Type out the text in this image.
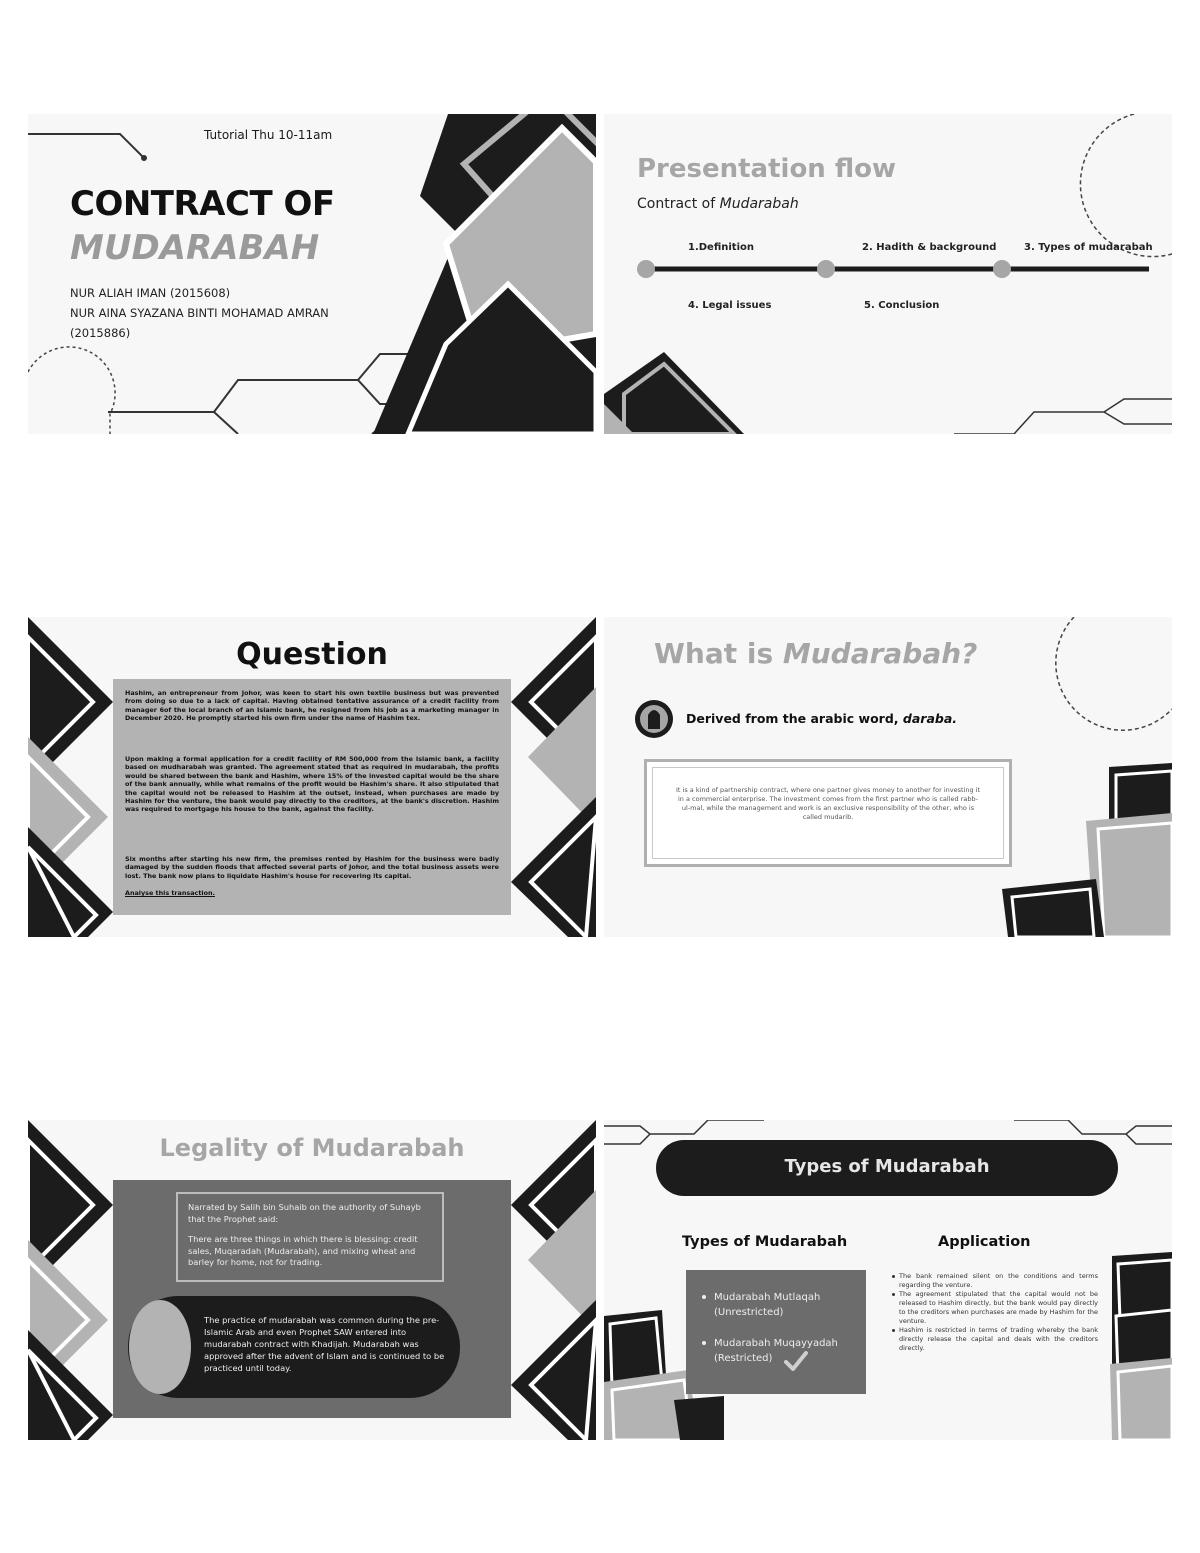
Tutorial Thu 10-11am
CONTRACT OF
MUDARABAH
NUR ALIAH IMAN (2015608)
NUR AINA SYAZANA BINTI MOHAMAD AMRAN
(2015886)
Presentation flow
Contract of Mudarabah
1.Definition	2. Hadith & background	3. Types of mudarabah
4. Legal issues	5. Conclusion
Question
Hashim, an entrepreneur from Johor, was keen to start his own textile business but was prevented from doing so due to a lack of capital. Having obtained tentative assurance of a credit facility from manager 6of the local branch of an Islamic bank, he resigned from his job as a marketing manager in December 2020. He promptly started his own firm under the name of Hashim tex.
Upon making a formal application for a credit facility of RM 500,000 from the Islamic bank, a facility based on mudharabah was granted. The agreement stated that as required in mudarabah, the profits would be shared between the bank and Hashim, where 15% of the invested capital would be the share of the bank annually, while what remains of the profit would be Hashim's share. It also stipulated that the capital would not be released to Hashim at the outset, instead, when purchases are made by Hashim for the venture, the bank would pay directly to the creditors, at the bank's discretion. Hashim was required to mortgage his house to the bank, against the facility.
Six months after starting his new firm, the premises rented by Hashim for the business were badly damaged by the sudden floods that affected several parts of Johor, and the total business assets were lost. The bank now plans to liquidate Hashim's house for recovering its capital.
Analyse this transaction.
What is Mudarabah?
Derived from the arabic word, daraba.
It is a kind of partnership contract, where one partner gives money to another for investing it in a commercial enterprise. The investment comes from the first partner who is called rabb-ul-mal, while the management and work is an exclusive responsibility of the other, who is called mudarib.
Legality of Mudarabah
Narrated by Salih bin Suhaib on the authority of Suhayb that the Prophet said:
There are three things in which there is blessing: credit sales, Muqaradah (Mudarabah), and mixing wheat and barley for home, not for trading.
The practice of mudarabah was common during the pre-Islamic Arab and even Prophet SAW entered into mudarabah contract with Khadijah. Mudarabah was approved after the advent of Islam and is continued to be practiced until today.
Types of Mudarabah
Types of Mudarabah	Application
Mudarabah Mutlaqah (Unrestricted)
Mudarabah Muqayyadah (Restricted)
The bank remained silent on the conditions and terms regarding the venture.
The agreement stipulated that the capital would not be released to Hashim directly, but the bank would pay directly to the creditors when purchases are made by Hashim for the venture.
Hashim is restricted in terms of trading whereby the bank directly release the capital and deals with the creditors directly.
